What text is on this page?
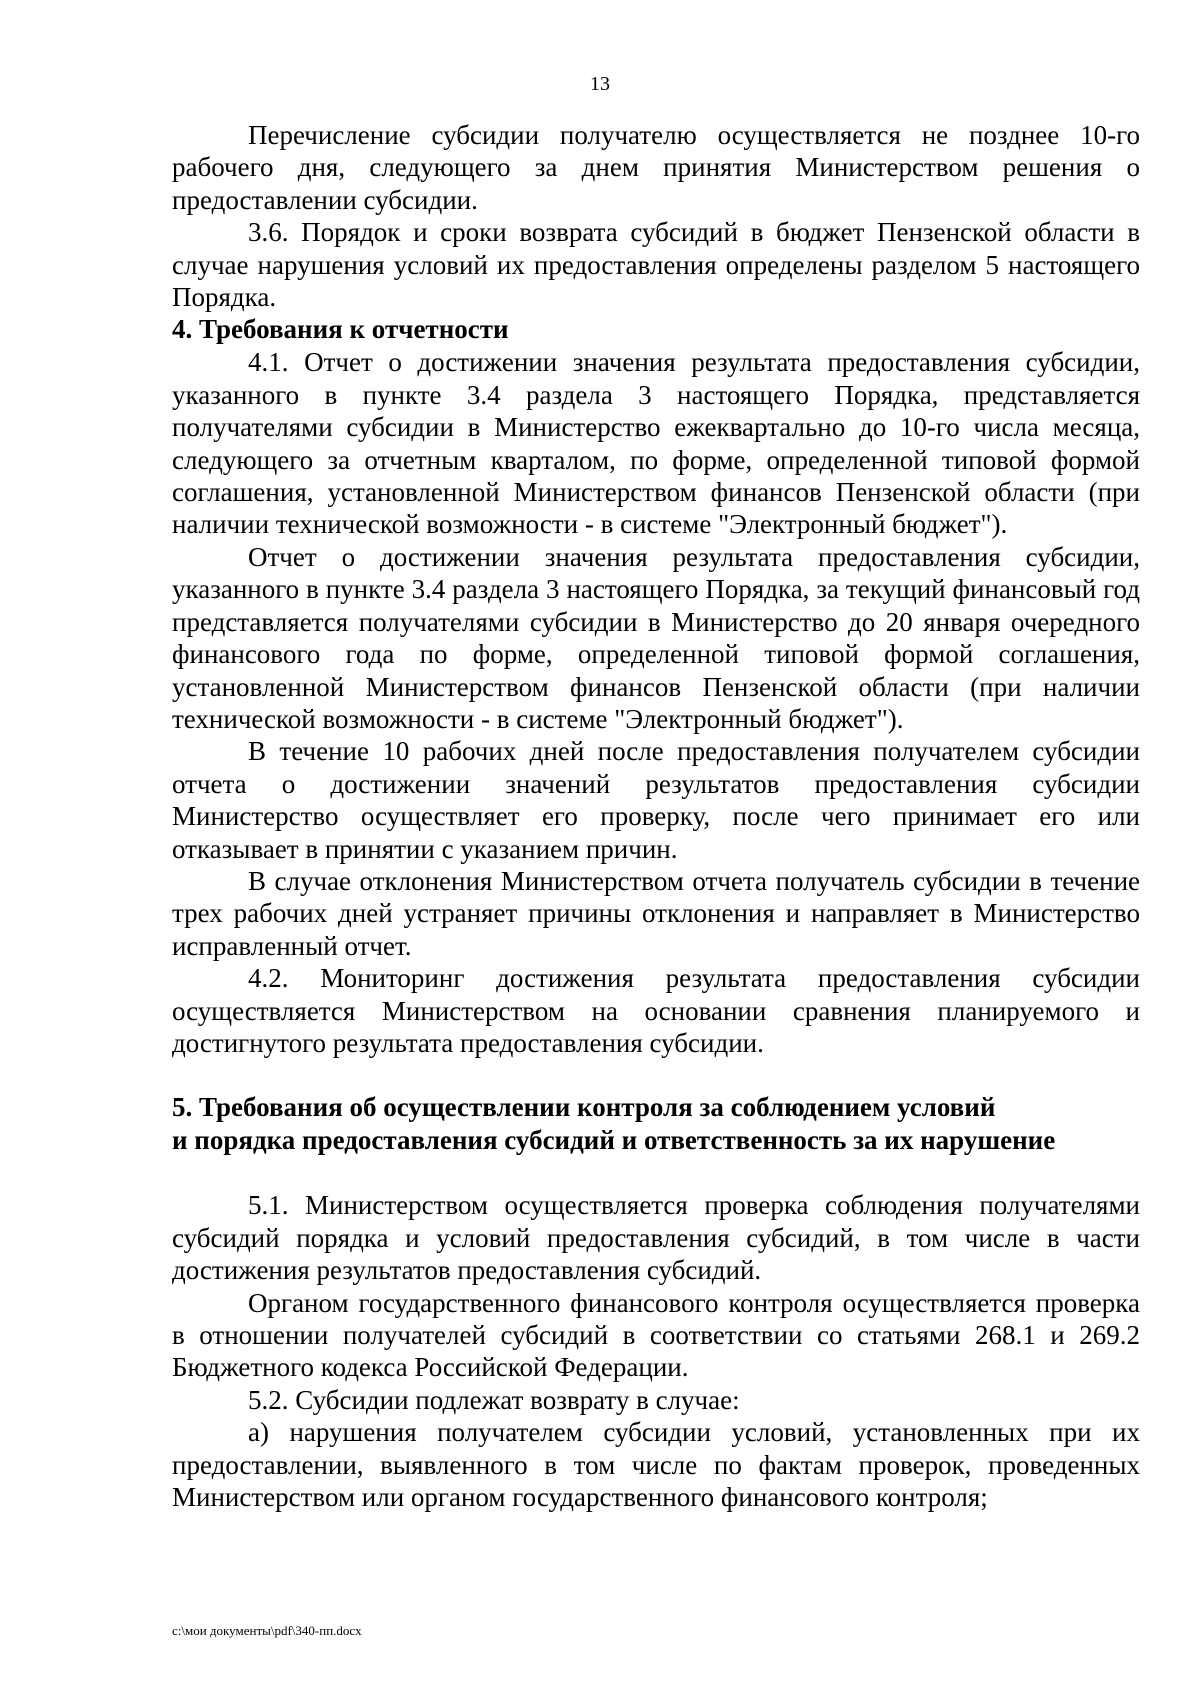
13

Перечисление субсидии получателю осуществляется не позднее 10-го рабочего дня, следующего за днем принятия Министерством решения о предоставлении субсидии.

3.6. Порядок и сроки возврата субсидий в бюджет Пензенской области в случае нарушения условий их предоставления определены разделом 5 настоящего Порядка.

4. Требования к отчетности

4.1. Отчет о достижении значения результата предоставления субсидии, указанного в пункте 3.4 раздела 3 настоящего Порядка, представляется получателями субсидии в Министерство ежеквартально до 10-го числа месяца, следующего за отчетным кварталом, по форме, определенной типовой формой соглашения, установленной Министерством финансов Пензенской области (при наличии технической возможности - в системе "Электронный бюджет").

Отчет о достижении значения результата предоставления субсидии, указанного в пункте 3.4 раздела 3 настоящего Порядка, за текущий финансовый год представляется получателями субсидии в Министерство до 20 января очередного финансового года по форме, определенной типовой формой соглашения, установленной Министерством финансов Пензенской области (при наличии технической возможности - в системе "Электронный бюджет").

В течение 10 рабочих дней после предоставления получателем субсидии отчета о достижении значений результатов предоставления субсидии Министерство осуществляет его проверку, после чего принимает его или отказывает в принятии с указанием причин.

В случае отклонения Министерством отчета получатель субсидии в течение трех рабочих дней устраняет причины отклонения и направляет в Министерство исправленный отчет.

4.2. Мониторинг достижения результата предоставления субсидии осуществляется Министерством на основании сравнения планируемого и достигнутого результата предоставления субсидии.

5. Требования об осуществлении контроля за соблюдением условий

и порядка предоставления субсидий и ответственность за их нарушение

5.1. Министерством осуществляется проверка соблюдения получателями субсидий порядка и условий предоставления субсидий, в том числе в части достижения результатов предоставления субсидий.

Органом государственного финансового контроля осуществляется проверка в отношении получателей субсидий в соответствии со статьями 268.1 и 269.2 Бюджетного кодекса Российской Федерации.

5.2. Субсидии подлежат возврату в случае:

а) нарушения получателем субсидии условий, установленных при их предоставлении, выявленного в том числе по фактам проверок, проведенных Министерством или органом государственного финансового контроля;

c:\мои документы\pdf\340-пп.docx
